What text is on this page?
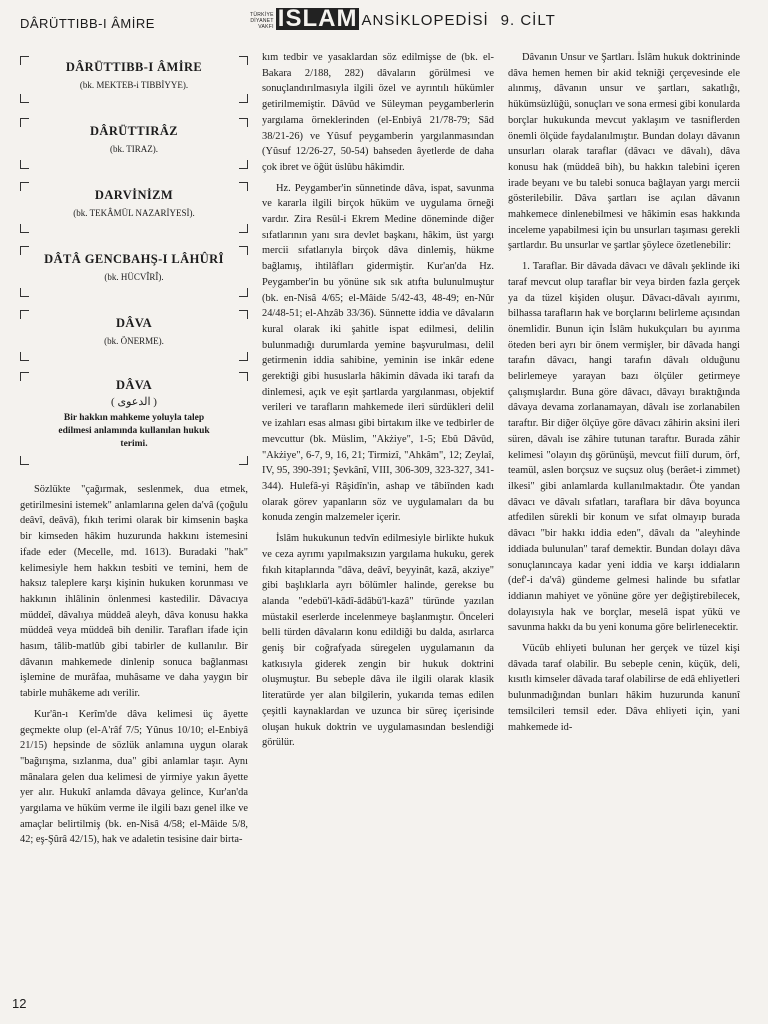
DÂRÜTTIBB-I ÂMİRE
TÜRKİYE
DİYANET
VAKFI İSLÂM ANSİKLOPEDİSİ 9. CİLT
DÂRÜTTIBB-I ÂMİRE
(bk. MEKTEB-i TIBBİYYE).
DÂRÜTTIRÂZ
(bk. TIRAZ).
DARVİNİZM
(bk. TEKÂMÜL NAZARİYESİ).
DÂTÂ GENCBAHŞ-I LÂHÛRÎ
(bk. HÜCVÎRÎ).
DÂVA
(bk. ÖNERME).
DÂVA
( الدعوى )
Bir hakkın mahkeme yoluyla talep edilmesi anlamında kullanılan hukuk terimi.

Sözlükte "çağırmak, seslenmek, dua etmek, getirilmesini istemek" anlamlarına gelen da'vâ (çoğulu deâvî, deâvâ), fıkıh terimi olarak bir kimsenin başka bir kimseden hâkim huzurunda hakkını istemesini ifade eder (Mecelle, md. 1613). Buradaki "hak" kelimesiyle hem hakkın tesbiti ve temini, hem de haksız taleplere karşı kişinin hukuken korunması ve hakkının ihlâlinin önlenmesi kastedilir. Dâvacıya müddeî, dâvalıya müddeâ aleyh, dâva konusu hakka müddeâ veya müddeâ bih denilir. Tarafları ifade için hasım, tâlib-matlûb gibi tabirler de kullanılır. Bir dâvanın mahkemede dinlenip sonuca bağlanması işlemine de murâfaa, muhâsame ve daha yaygın bir tabirle muhâkeme adı verilir.

Kur'ân-ı Kerîm'de dâva kelimesi üç âyette geçmekte olup (el-A'râf 7/5; Yûnus 10/10; el-Enbiyâ 21/15) hepsinde de sözlük anlamına uygun olarak "bağırışma, sızlanma, dua" gibi anlamlar taşır. Aynı mânalara gelen dua kelimesi de yirmiye yakın âyette yer alır. Hukukî anlamda dâvaya gelince, Kur'an'da yargılama ve hüküm verme ile ilgili bazı genel ilke ve amaçlar belirtilmiş (bk. en-Nisâ 4/58; el-Mâide 5/8, 42; eş-Şûrâ 42/15), hak ve adaletin tesisine dair birta-

kım tedbir ve yasaklardan söz edilmişse de (bk. el-Bakara 2/188, 282) dâvaların görülmesi ve sonuçlandırılmasıyla ilgili özel ve ayrıntılı hükümler getirilmemiştir. Dâvûd ve Süleyman peygamberlerin yargılama örneklerinden (el-Enbiyâ 21/78-79; Sâd 38/21-26) ve Yûsuf peygamberin yargılanmasından (Yûsuf 12/26-27, 50-54) bahseden âyetlerde de daha çok ibret ve öğüt üslûbu hâkimdir.

Hz. Peygamber'in sünnetinde dâva, ispat, savunma ve kararla ilgili birçok hüküm ve uygulama örneği vardır. Zira Resûl-i Ekrem Medine döneminde diğer sıfatlarının yanı sıra devlet başkanı, hâkim, üst yargı mercii sıfatlarıyla birçok dâva dinlemiş, hükme bağlamış, ihtilâfları gidermiştir. Kur'an'da Hz. Peygamber'in bu yönüne sık sık atıfta bulunulmuştur (bk. en-Nisâ 4/65; el-Mâide 5/42-43, 48-49; en-Nûr 24/48-51; el-Ahzâb 33/36). Sünnette iddia ve dâvaların kural olarak iki şahitle ispat edilmesi, delilin bulunmadığı durumlarda yemine başvurulması, delil getirmenin iddia sahibine, yeminin ise inkâr edene gerektiği gibi hususlarla hâkimin dâvada iki tarafı da dinlemesi, açık ve eşit şartlarda yargılanması, objektif verileri ve tarafların mahkemede ileri sürdükleri delil ve izahları esas alması gibi birtakım ilke ve tedbirler de mevcuttur (bk. Müslim, "Akżiye", 1-5; Ebû Dâvûd, "Akżiye", 6-7, 9, 16, 21; Tirmizî, "Ahkâm", 12; Zeylaî, IV, 95, 390-391; Şevkânî, VIII, 306-309, 323-327, 341-344). Hulefâ-yi Râşidîn'in, ashap ve tâbiînden kadı olarak görev yapanların söz ve uygulamaları da bu konuda zengin malzemeler içerir.

İslâm hukukunun tedvîn edilmesiyle birlikte hukuk ve ceza ayrımı yapılmaksızın yargılama hukuku, gerek fıkıh kitaplarında "dâva, deâvî, beyyinât, kazâ, akziye" gibi başlıklarla ayrı bölümler halinde, gerekse bu alanda "edebü'l-kādî-âdâbü'l-kazâ" türünde yazılan müstakil eserlerde incelenmeye başlanmıştır. Önceleri belli türden dâvaların konu edildiği bu dalda, asırlarca geniş bir coğrafyada süregelen uygulamanın da katkısıyla giderek zengin bir hukuk doktrini oluşmuştur. Bu sebeple dâva ile ilgili olarak klasik literatürde yer alan bilgilerin, yukarıda temas edilen çeşitli kaynaklardan ve uzunca bir süreç içerisinde oluşan hukuk doktrin ve uygulamasından beslendiği görülür.

Dâvanın Unsur ve Şartları. İslâm hukuk doktrininde dâva hemen hemen bir akid tekniği çerçevesinde ele alınmış, dâvanın unsur ve şartları, sakatlığı, hükümsüzlüğü, sonuçları ve sona ermesi gibi konularda borçlar hukukunda mevcut yaklaşım ve tasniflerden önemli ölçüde faydalanılmıştır. Bundan dolayı dâvanın unsurları olarak taraflar (dâvacı ve dâvalı), dâva konusu hak (müddeâ bih), bu hakkın talebini içeren irade beyanı ve bu talebi sonuca bağlayan yargı mercii gösterilebilir. Dâva şartları ise açılan dâvanın mahkemece dinlenebilmesi ve hâkimin esas hakkında inceleme yapabilmesi için bu unsurları taşıması gerekli şartlardır. Bu unsurlar ve şartlar şöylece özetlenebilir:

1. Taraflar. Bir dâvada dâvacı ve dâvalı şeklinde iki taraf mevcut olup taraflar bir veya birden fazla gerçek ya da tüzel kişiden oluşur. Dâvacı-dâvalı ayırımı, bilhassa tarafların hak ve borçlarını belirleme açısından önemlidir. Bunun için İslâm hukukçuları bu ayırıma öteden beri ayrı bir önem vermişler, bir dâvada hangi tarafın dâvacı, hangi tarafın dâvalı olduğunu belirlemeye yarayan bazı ölçüler getirmeye çalışmışlardır. Buna göre dâvacı, dâvayı bıraktığında dâvaya devama zorlanamayan, dâvalı ise zorlanabilen taraftır. Bir diğer ölçüye göre dâvacı zâhirin aksini ileri süren, dâvalı ise zâhire tutunan taraftır. Burada zâhir kelimesi "olayın dış görünüşü, mevcut fiilî durum, örf, teamül, aslen borçsuz ve suçsuz oluş (berâet-i zimmet) ilkesi" gibi anlamlarda kullanılmaktadır. Öte yandan dâvacı ve dâvalı sıfatları, taraflara bir dâva boyunca atfedilen sürekli bir konum ve sıfat olmayıp burada dâvacı "bir hakkı iddia eden", dâvalı da "aleyhinde iddiada bulunulan" taraf demektir. Bundan dolayı dâva sonuçlanıncaya kadar yeni iddia ve karşı iddiaların (def'-i da'vâ) gündeme gelmesi halinde bu sıfatlar iddianın mahiyet ve yönüne göre yer değiştirebilecek, dolayısıyla hak ve borçlar, meselâ ispat yükü ve savunma hakkı da bu yeni konuma göre belirlenecektir.

Vücûb ehliyeti bulunan her gerçek ve tüzel kişi dâvada taraf olabilir. Bu sebeple cenin, küçük, deli, kısıtlı kimseler dâvada taraf olabilirse de edâ ehliyetleri bulunmadığından bunları hâkim huzurunda kanunî temsilcileri temsil eder. Dâva ehliyeti için, yani mahkemede id-

12
